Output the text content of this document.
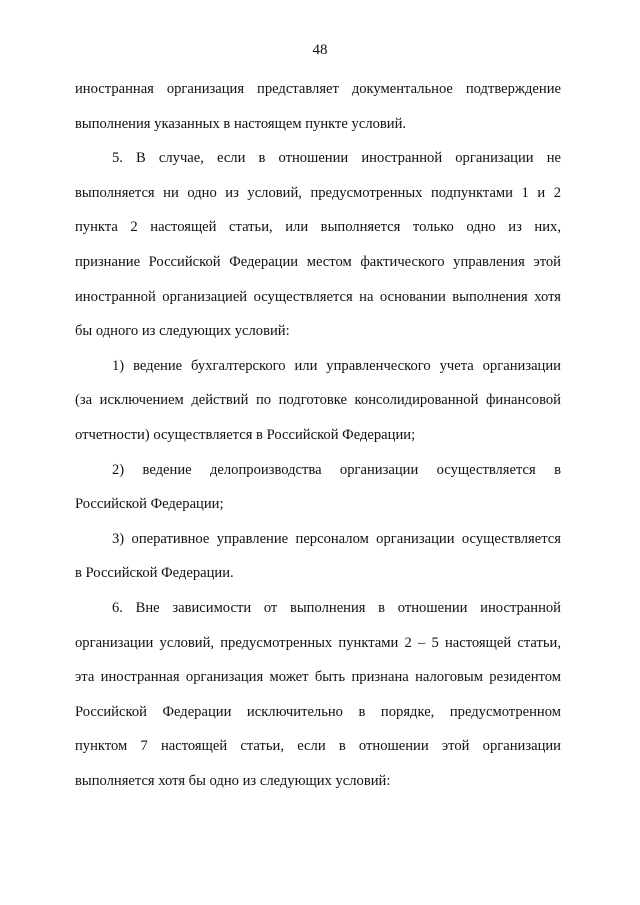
48
иностранная организация представляет документальное подтверждение
выполнения указанных в настоящем пункте условий.
5. В случае, если в отношении иностранной организации не
выполняется ни одно из условий, предусмотренных подпунктами 1 и 2
пункта 2 настоящей статьи, или выполняется только одно из них,
признание Российской Федерации местом фактического управления этой
иностранной организацией осуществляется на основании выполнения хотя
бы одного из следующих условий:
1) ведение бухгалтерского или управленческого учета организации
(за исключением действий по подготовке консолидированной финансовой
отчетности) осуществляется в Российской Федерации;
2) ведение делопроизводства организации осуществляется в
Российской Федерации;
3) оперативное управление персоналом организации осуществляется
в Российской Федерации.
6. Вне зависимости от выполнения в отношении иностранной
организации условий, предусмотренных пунктами 2 – 5 настоящей статьи,
эта иностранная организация может быть признана налоговым резидентом
Российской Федерации исключительно в порядке, предусмотренном
пунктом 7 настоящей статьи, если в отношении этой организации
выполняется хотя бы одно из следующих условий:
